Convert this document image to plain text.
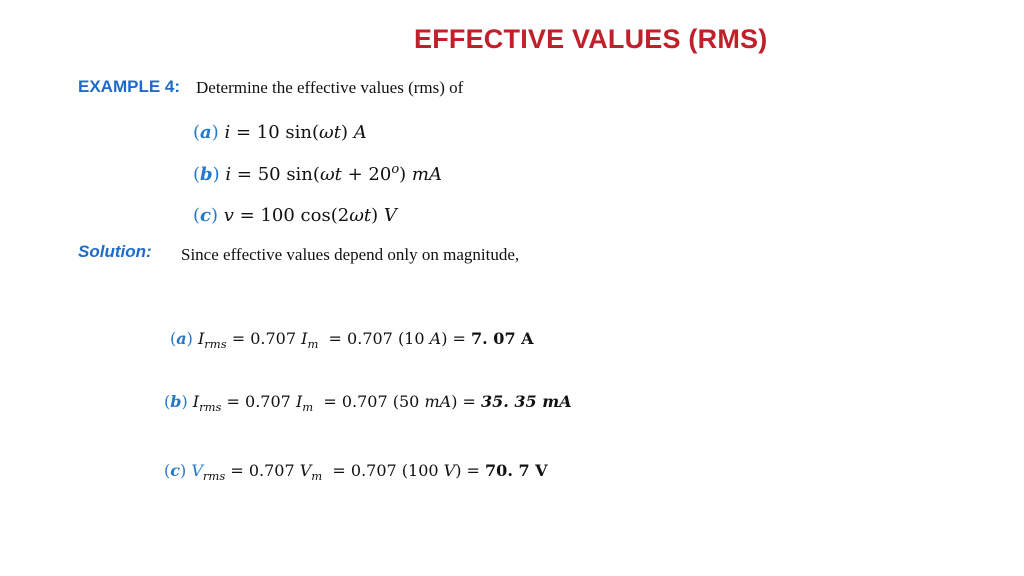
EFFECTIVE VALUES (RMS)
EXAMPLE 4: Determine the effective values (rms) of
(a) i = 10 sin(ωt) A
(b) i = 50 $\sin(\omega t + 20^o)$ mA
(c) v = 100 cos(2ωt) V
Solution: Since effective values depend only on magnitude,
(a) $I_{rms} = 0.707$ $I_m = 0.707$ (10 A) = 7. 07 A
(b) $I_{rms} = 0.707$ $I_m = 0.707$ (50 mA) = 35. 35 mA
(c) $V_{rms} = 0.707$ $V_m = 0.707$ (100 V) = 70. 7 V
